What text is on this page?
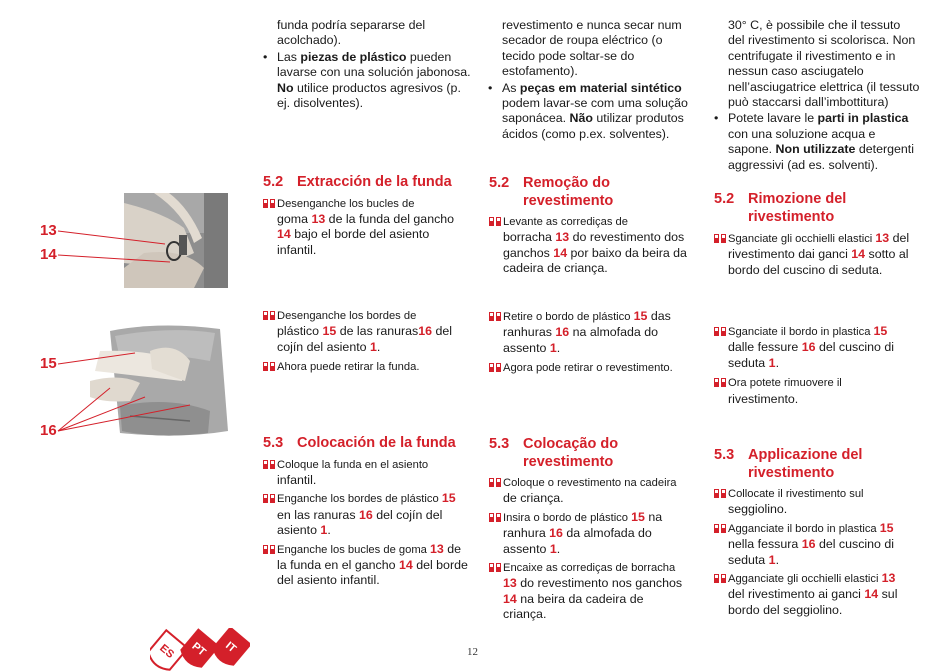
13
14
15
16

funda podría separarse del

acolchado).

• Las piezas de plástico pueden lavarse con una solución jabonosa. No utilice productos agresivos (p. ej. disolventes).

5.2 Extracción de la funda

Desenganche los bucles de
goma 13 de la funda del gancho 14 bajo el borde del asiento infantil.

Desenganche los bordes de
plástico 15 de las ranuras16 del cojín del asiento 1.

Ahora puede retirar la funda.

5.3 Colocación de la funda

Coloque la funda en el asiento
infantil.

Enganche los bordes de plástico 15 en las ranuras 16 del cojín del asiento 1.

Enganche los bucles de goma 13 de la funda en el gancho 14 del borde del asiento infantil.

revestimento e nunca secar num secador de roupa eléctrico (o tecido pode soltar-se do estofamento).

• As peças em material sintético podem lavar-se com uma solução saponácea. Não utilizar produtos ácidos (como p.ex. solventes).

5.2 Remoção do revestimento

Levante as corrediças de
borracha 13 do revestimento dos ganchos 14 por baixo da beira da cadeira de criança.

Retire o bordo de plástico 15 das ranhuras 16 na almofada do assento 1.

Agora pode retirar o revestimento.

5.3 Colocação do revestimento

Coloque o revestimento na cadeira
de criança.

Insira o bordo de plástico 15 na ranhura 16 da almofada do assento 1.

Encaixe as corrediças de borracha
13 do revestimento nos ganchos 14 na beira da cadeira de criança.

30° C, è possibile che il tessuto del rivestimento si scolorisca. Non centrifugate il rivestimento e in nessun caso asciugatelo nell’asciugatrice elettrica (il tessuto può staccarsi dall’imbottitura)

• Potete lavare le parti in plastica con una soluzione acqua e sapone. Non utilizzate detergenti aggressivi (ad es. solventi).

5.2 Rimozione del rivestimento

Sganciate gli occhielli elastici 13 del rivestimento dai ganci 14 sotto al bordo del cuscino di seduta.

Sganciate il bordo in plastica 15
dalle fessure 16 del cuscino di seduta 1.

Ora potete rimuovere il
rivestimento.

5.3 Applicazione del rivestimento

Collocate il rivestimento sul
seggiolino.

Agganciate il bordo in plastica 15 nella fessura 16 del cuscino di seduta 1.

Agganciate gli occhielli elastici 13 del rivestimento ai ganci 14 sul bordo del seggiolino.

ES PT IT	12
